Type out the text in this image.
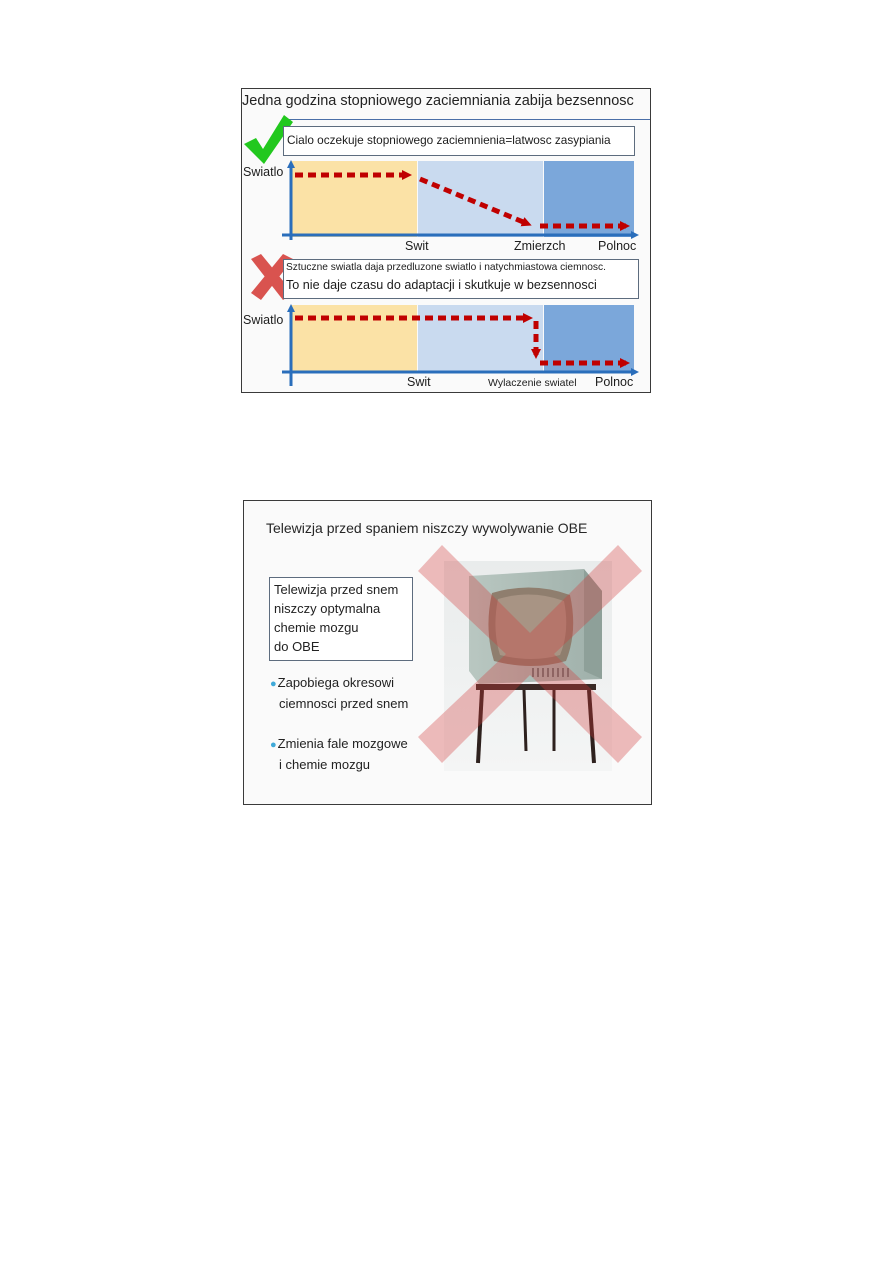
Jedna godzina stopniowego zaciemniania zabija bezsennosc
Cialo oczekuje stopniowego zaciemnienia=latwosc zasypiania
Swiatlo
Swit	Zmierzch	Polnoc
Sztuczne swiatla daja przedluzone swiatlo i natychmiastowa ciemnosc.
To nie daje czasu do adaptacji i skutkuje w bezsennosci
Swiatlo
Swit	Wylaczenie swiatel Polnoc
Telewizja przed spaniem niszczy wywolywanie OBE
Telewizja przed snem
niszczy optymalna
chemie mozgu
do OBE
●Zapobiega okresowi
ciemnosci przed snem
●Zmienia fale mozgowe
i chemie mozgu
